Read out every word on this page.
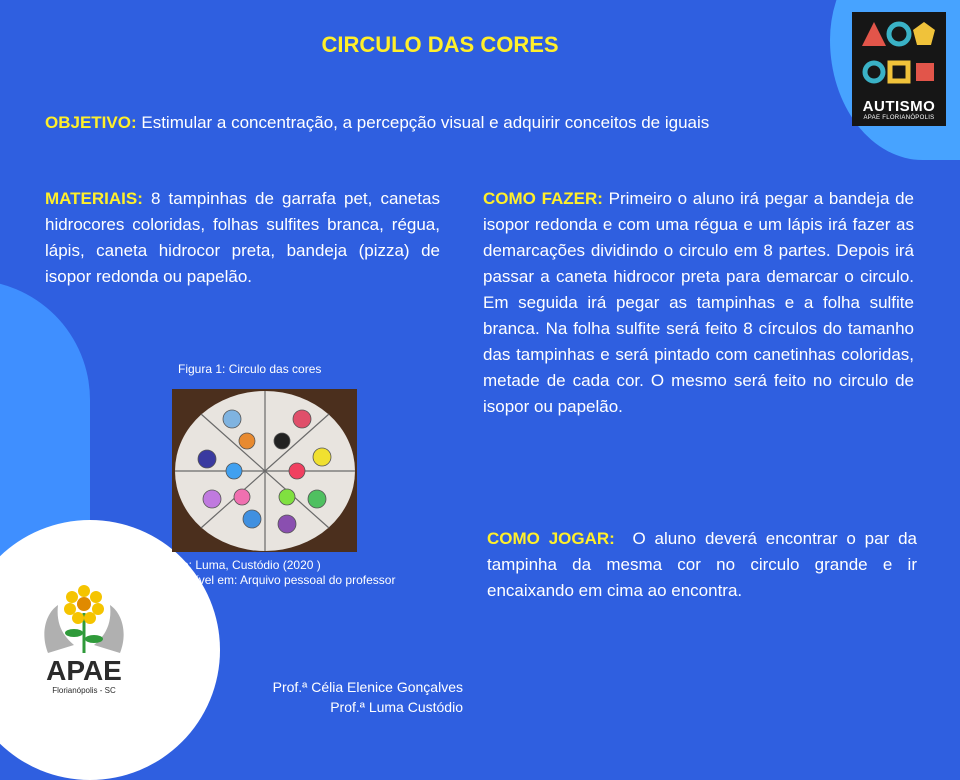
AUTISMO
APAE FLORIANÓPOLIS
CIRCULO DAS CORES
OBJETIVO: Estimular a concentração, a percepção visual e adquirir conceitos de iguais
MATERIAIS: 8 tampinhas de garrafa pet, canetas hidrocores coloridas, folhas sulfites branca, régua, lápis, caneta hidrocor preta, bandeja (pizza) de isopor redonda ou papelão.
COMO FAZER: Primeiro o aluno irá pegar a bandeja de isopor redonda e com uma régua e um lápis irá fazer as demarcações dividindo o circulo em 8 partes. Depois irá passar a caneta hidrocor preta para demarcar o circulo. Em seguida irá pegar as tampinhas e a folha sulfite branca. Na folha sulfite será feito 8 círculos do tamanho das tampinhas e será pintado com canetinhas coloridas, metade de cada cor. O mesmo será feito no circulo de isopor ou papelão.
COMO JOGAR: O aluno deverá encontrar o par da tampinha da mesma cor no circulo grande e ir encaixando em cima ao encontra.
Figura 1: Circulo das cores
Fonte: Luma, Custódio (2020 )
Disponível em: Arquivo pessoal do professor
APAE
Florianópolis - SC	Prof.ª Célia Elenice Gonçalves
Prof.ª Luma Custódio
